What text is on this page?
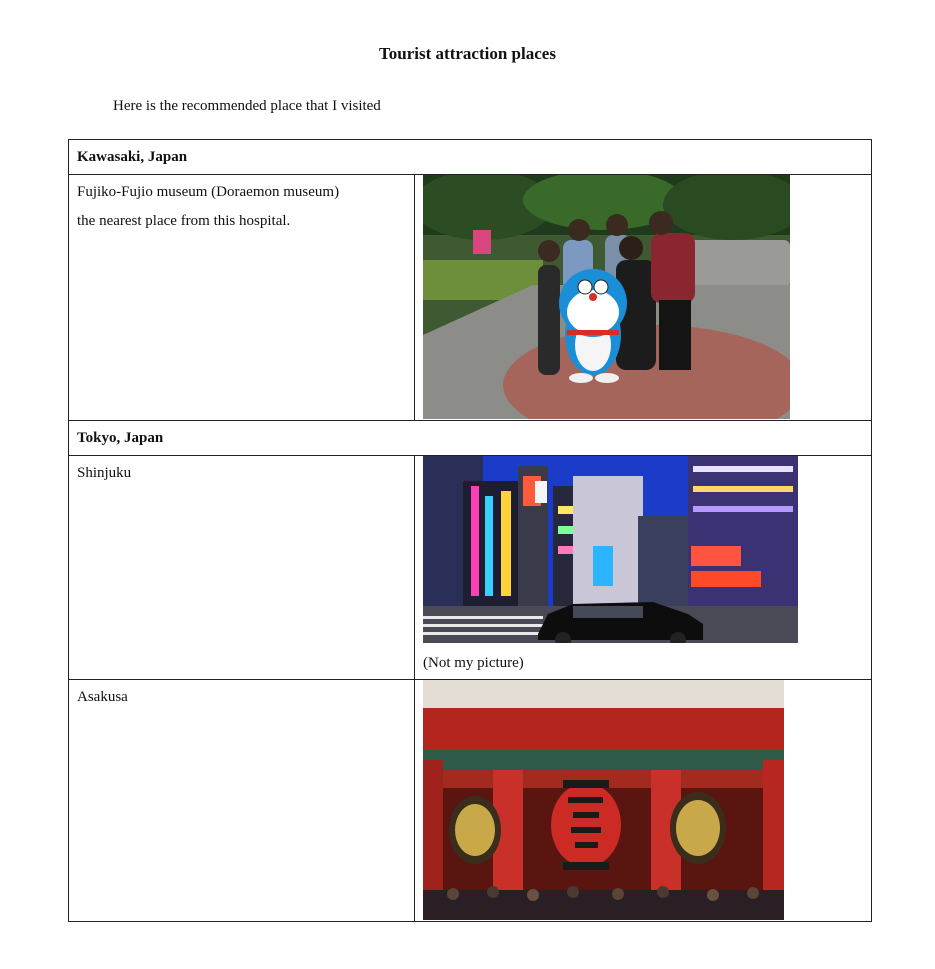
Tourist attraction places
Here is the recommended place that I visited
Kawasaki, Japan	

Fujiko-Fujio museum (Doraemon museum)

the nearest place from this hospital.

Tokyo, Japan	

Shinjuku	(Not my picture)

Asakusa
